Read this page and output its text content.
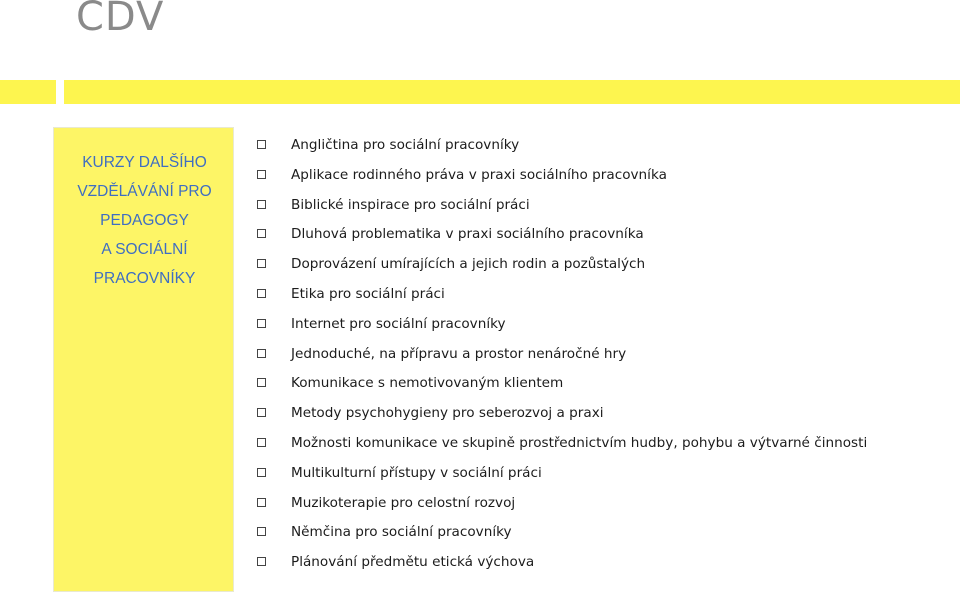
CDV
KURZY DALŠÍHO
VZDĚLÁVÁNÍ PRO
PEDAGOGY
A SOCIÁLNÍ
PRACOVNÍKY
Angličtina pro sociální pracovníky
Aplikace rodinného práva v praxi sociálního pracovníka
Biblické inspirace pro sociální práci
Dluhová problematika v praxi sociálního pracovníka
Doprovázení umírajících a jejich rodin a pozůstalých
Etika pro sociální práci
Internet pro sociální pracovníky
Jednoduché, na přípravu a prostor nenáročné hry
Komunikace s nemotivovaným klientem
Metody psychohygieny pro seberozvoj a praxi
Možnosti komunikace ve skupině prostřednictvím hudby, pohybu a výtvarné činnosti
Multikulturní přístupy v sociální práci
Muzikoterapie pro celostní rozvoj
Němčina pro sociální pracovníky
Plánování předmětu etická výchova
